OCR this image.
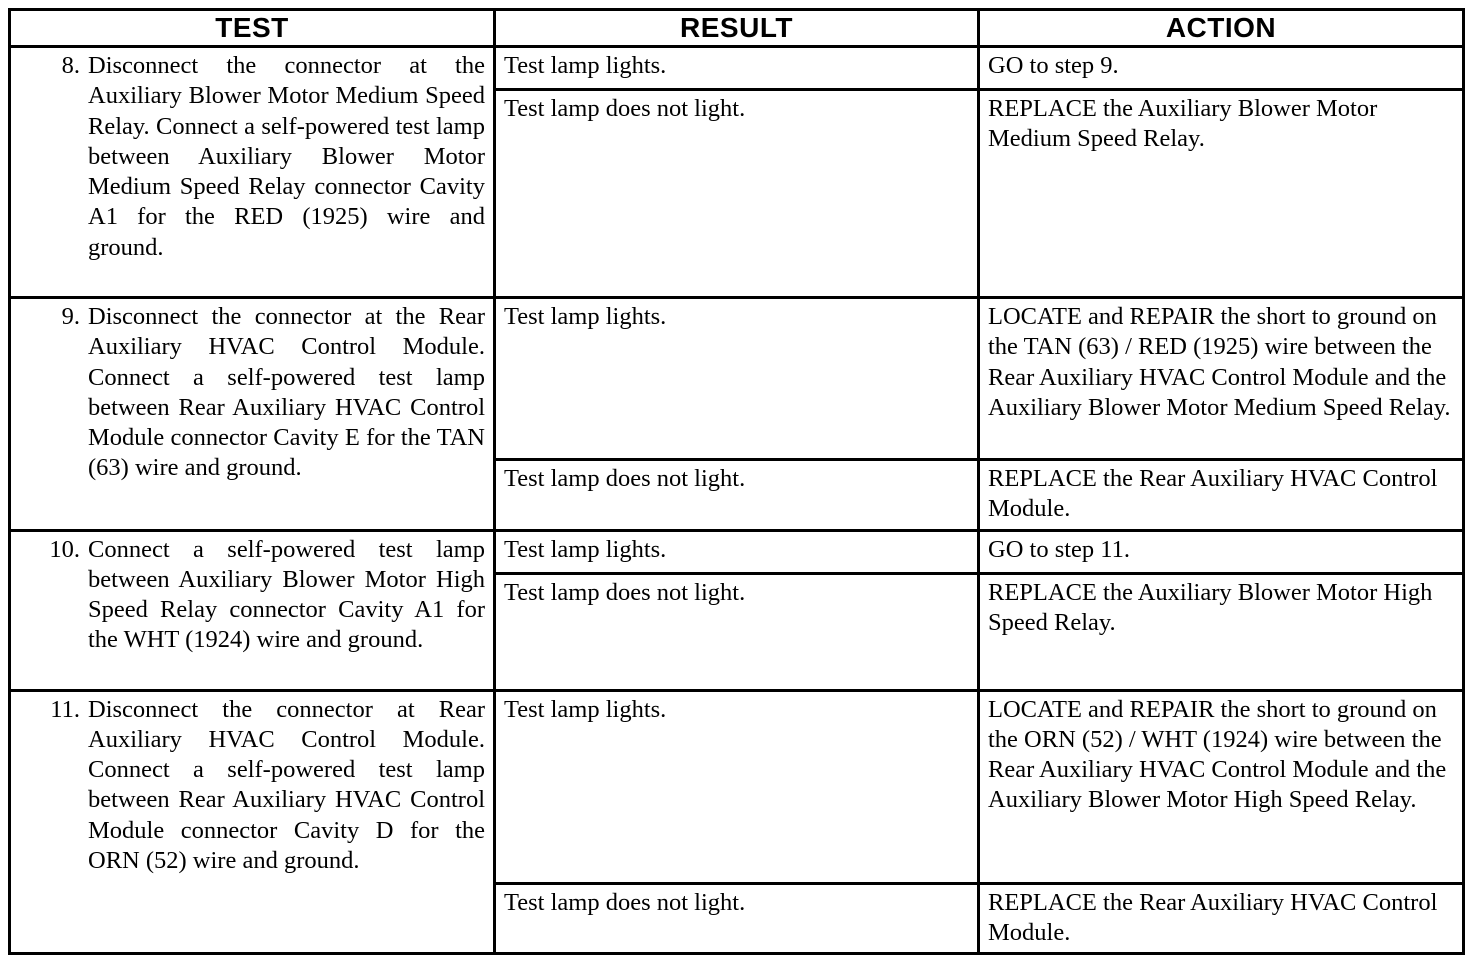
TEST	RESULT	ACTION

8. Disconnect the connector at the Auxiliary Blower Motor Medium Speed Relay. Connect a self-powered test lamp between Auxiliary Blower Motor Medium Speed Relay connector Cavity A1 for the RED (1925) wire and ground.	Test lamp lights.	GO to step 9.
	Test lamp does not light.	REPLACE the Auxiliary Blower Motor Medium Speed Relay.

9. Disconnect the connector at the Rear Auxiliary HVAC Control Module. Connect a self-powered test lamp between Rear Auxiliary HVAC Control Module connector Cavity E for the TAN (63) wire and ground.	Test lamp lights.	LOCATE and REPAIR the short to ground on the TAN (63) / RED (1925) wire between the Rear Auxiliary HVAC Control Module and the Auxiliary Blower Motor Medium Speed Relay.
	Test lamp does not light.	REPLACE the Rear Auxiliary HVAC Control Module.

10. Connect a self-powered test lamp between Auxiliary Blower Motor High Speed Relay connector Cavity A1 for the WHT (1924) wire and ground.	Test lamp lights.	GO to step 11.
	Test lamp does not light.	REPLACE the Auxiliary Blower Motor High Speed Relay.

11. Disconnect the connector at Rear Auxiliary HVAC Control Module. Connect a self-powered test lamp between Rear Auxiliary HVAC Control Module connector Cavity D for the ORN (52) wire and ground.	Test lamp lights.	LOCATE and REPAIR the short to ground on the ORN (52) / WHT (1924) wire between the Rear Auxiliary HVAC Control Module and the Auxiliary Blower Motor High Speed Relay.
	Test lamp does not light.	REPLACE the Rear Auxiliary HVAC Control Module.
